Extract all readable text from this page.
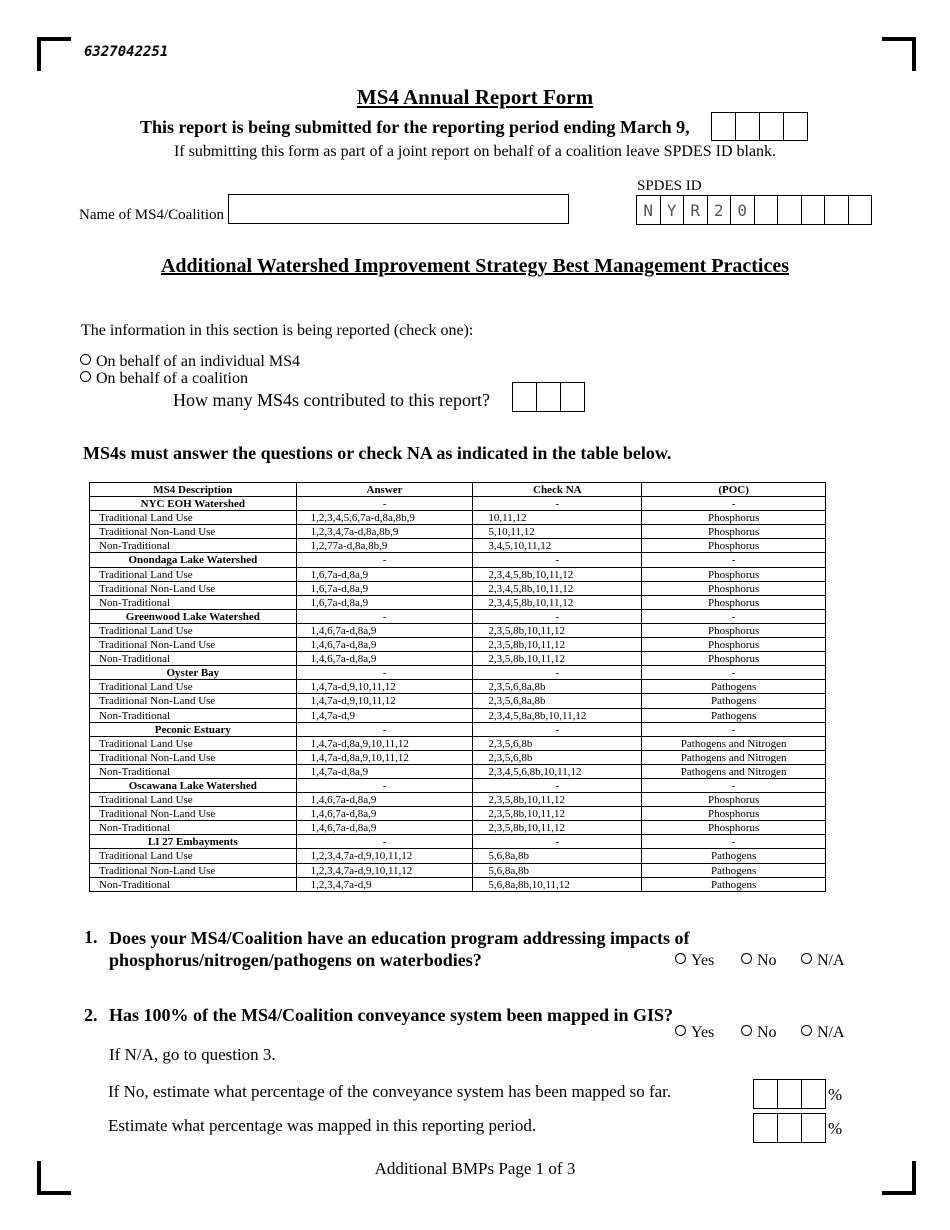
6327042251
MS4 Annual Report Form
This report is being submitted for the reporting period ending March 9,
If submitting this form as part of a joint report on behalf of a coalition leave SPDES ID blank.
SPDES ID
N Y R 2 0
Name of MS4/Coalition
Additional Watershed Improvement Strategy Best Management Practices
The information in this section is being reported (check one):
On behalf of an individual MS4
On behalf of a coalition
How many MS4s contributed to this report?
MS4s must answer the questions or check NA as indicated in the table below.
MS4 Description	Answer	Check NA	(POC)
NYC EOH Watershed	-	-	-
Traditional Land Use	1,2,3,4,5,6,7a-d,8a,8b,9	10,11,12	Phosphorus
Traditional Non-Land Use	1,2,3,4,7a-d,8a,8b,9	5,10,11,12	Phosphorus
Non-Traditional	1,2,77a-d,8a,8b,9	3,4,5,10,11,12	Phosphorus
Onondaga Lake Watershed	-	-	-
Traditional Land Use	1,6,7a-d,8a,9	2,3,4,5,8b,10,11,12	Phosphorus
Traditional Non-Land Use	1,6,7a-d,8a,9	2,3,4,5,8b,10,11,12	Phosphorus
Non-Traditional	1,6,7a-d,8a,9	2,3,4,5,8b,10,11,12	Phosphorus
Greenwood Lake Watershed	-	-	-
Traditional Land Use	1,4,6,7a-d,8a,9	2,3,5,8b,10,11,12	Phosphorus
Traditional Non-Land Use	1,4,6,7a-d,8a,9	2,3,5,8b,10,11,12	Phosphorus
Non-Traditional	1,4,6,7a-d,8a,9	2,3,5,8b,10,11,12	Phosphorus
Oyster Bay	-	-	-
Traditional Land Use	1,4,7a-d,9,10,11,12	2,3,5,6,8a,8b	Pathogens
Traditional Non-Land Use	1,4,7a-d,9,10,11,12	2,3,5,6,8a,8b	Pathogens
Non-Traditional	1,4,7a-d,9	2,3,4,5,8a,8b,10,11,12	Pathogens
Peconic Estuary	-	-	-
Traditional Land Use	1,4,7a-d,8a,9,10,11,12	2,3,5,6,8b	Pathogens and Nitrogen
Traditional Non-Land Use	1,4,7a-d,8a,9,10,11,12	2,3,5,6,8b	Pathogens and Nitrogen
Non-Traditional	1,4,7a-d,8a,9	2,3,4,5,6,8b,10,11,12	Pathogens and Nitrogen
Oscawana Lake Watershed	-	-	-
Traditional Land Use	1,4,6,7a-d,8a,9	2,3,5,8b,10,11,12	Phosphorus
Traditional Non-Land Use	1,4,6,7a-d,8a,9	2,3,5,8b,10,11,12	Phosphorus
Non-Traditional	1,4,6,7a-d,8a,9	2,3,5,8b,10,11,12	Phosphorus
LI 27 Embayments	-	-	-
Traditional Land Use	1,2,3,4,7a-d,9,10,11,12	5,6,8a,8b	Pathogens
Traditional Non-Land Use	1,2,3,4,7a-d,9,10,11,12	5,6,8a,8b	Pathogens
Non-Traditional	1,2,3,4,7a-d,9	5,6,8a,8b,10,11,12	Pathogens
1. Does your MS4/Coalition have an education program addressing impacts of phosphorus/nitrogen/pathogens on waterbodies?	Yes	No	N/A
2. Has 100% of the MS4/Coalition conveyance system been mapped in GIS?
Yes	No	N/A
If N/A, go to question 3.
If No, estimate what percentage of the conveyance system has been mapped so far.	%
Estimate what percentage was mapped in this reporting period.	%
Additional BMPs Page 1 of 3
